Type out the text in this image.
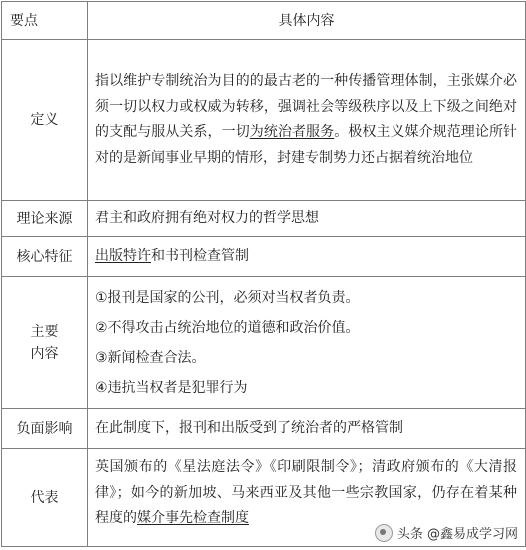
要点	具体内容
定义	指以维护专制统治为目的的最古老的一种传播管理体制，主张媒介必须一切以权力或权威为转移，强调社会等级秩序以及上下级之间绝对的支配与服从关系，一切为统治者服务。极权主义媒介规范理论所针对的是新闻事业早期的情形，封建专制势力还占据着统治地位
理论来源	君主和政府拥有绝对权力的哲学思想
核心特征	出版特许和书刊检查管制
主要
内容	①报刊是国家的公刊，必须对当权者负责。
②不得攻击占统治地位的道德和政治价值。
③新闻检查合法。
④违抗当权者是犯罪行为

负面影响	在此制度下，报刊和出版受到了统治者的严格管制
代表	英国颁布的《星法庭法令》《印刷限制令》；清政府颁布的《大清报律》；如今的新加坡、马来西亚及其他一些宗教国家，仍存在着某种程度的媒介事先检查制度
头条 @鑫易成学习网
